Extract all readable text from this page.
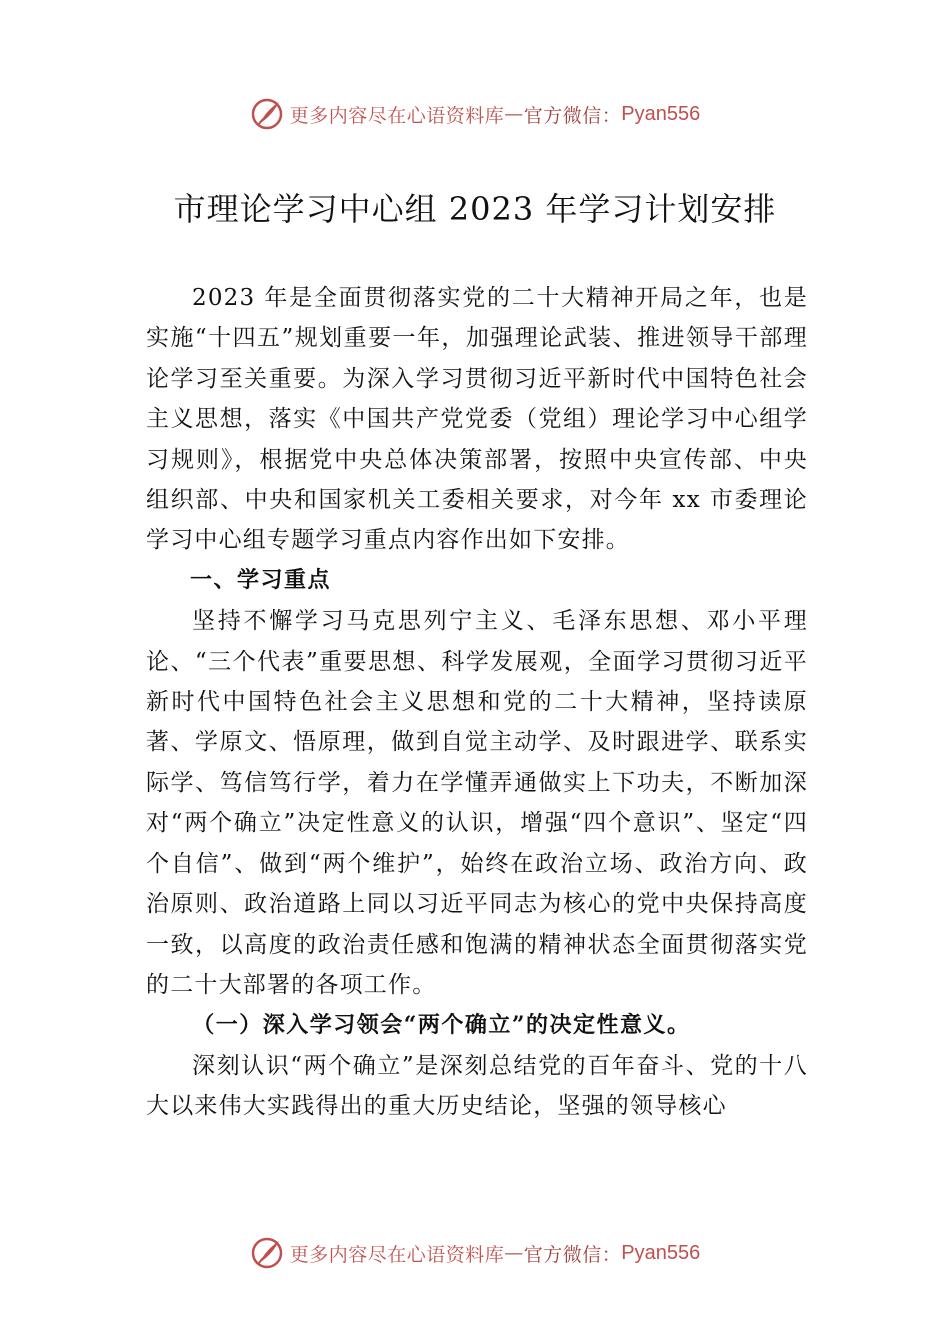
更多内容尽在心语资料库 — 官方微信： Pyan556
市理论学习中心组 2023 年学习计划安排

2023 年是全面贯彻落实党的二十大精神开局之年，也是实施“十四五”规划重要一年，加强理论武装、推进领导干部理论学习至关重要。为深入学习贯彻习近平新时代中国特色社会主义思想，落实《中国共产党党委（党组）理论学习中心组学习规则》，根据党中央总体决策部署，按照中央宣传部、中央组织部、中央和国家机关工委相关要求，对今年 xx 市委理论学习中心组专题学习重点内容作出如下安排。

一、学习重点

坚持不懈学习马克思列宁主义、毛泽东思想、邓小平理论、“三个代表”重要思想、科学发展观，全面学习贯彻习近平新时代中国特色社会主义思想和党的二十大精神，坚持读原著、学原文、悟原理，做到自觉主动学、及时跟进学、联系实际学、笃信笃行学，着力在学懂弄通做实上下功夫，不断加深对“两个确立”决定性意义的认识，增强“四个意识”、坚定“四个自信”、做到“两个维护”，始终在政治立场、政治方向、政治原则、政治道路上同以习近平同志为核心的党中央保持高度一致，以高度的政治责任感和饱满的精神状态全面贯彻落实党的二十大部署的各项工作。

（一）深入学习领会“两个确立”的决定性意义。

深刻认识“两个确立”是深刻总结党的百年奋斗、党的十八大以来伟大实践得出的重大历史结论，坚强的领导核心

更多内容尽在心语资料库 — 官方微信： Pyan556
